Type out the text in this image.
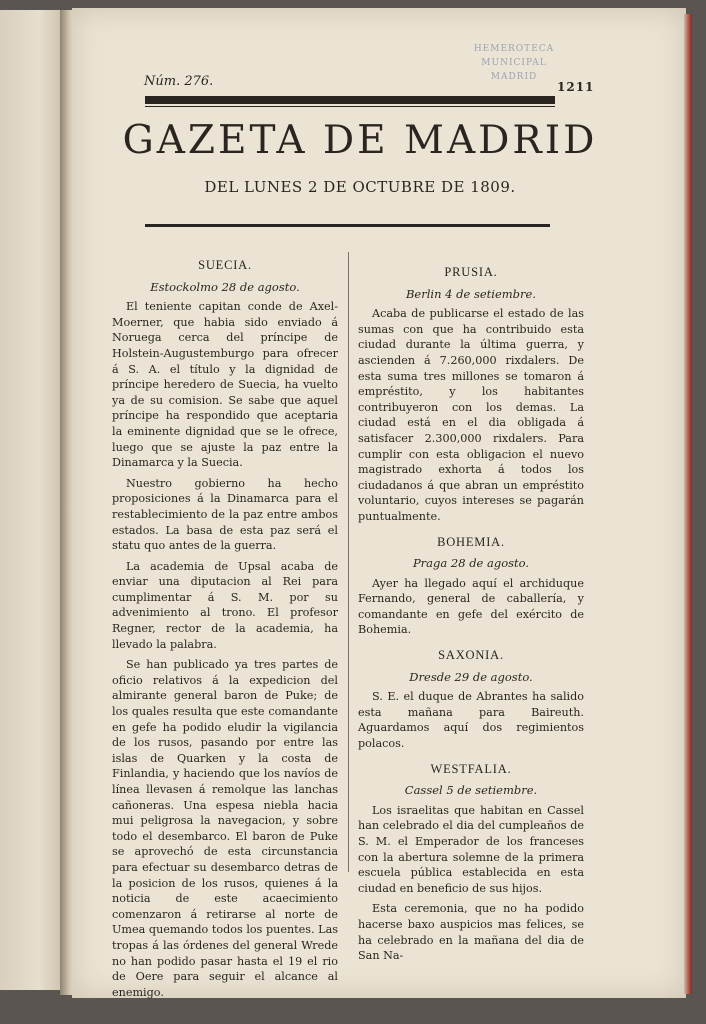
Núm. 276.	1211
HEMEROTECA
MUNICIPAL
MADRID
GAZETA DE MADRID
DEL LUNES 2 DE OCTUBRE DE 1809.
SUECIA.
Estockolmo 28 de agosto.

El teniente capitan conde de Axel-Moerner, que habia sido enviado á Noruega cerca del príncipe de Holstein-Augustemburgo para ofrecer á S. A. el título y la dignidad de príncipe heredero de Suecia, ha vuelto ya de su comision. Se sabe que aquel príncipe ha respondido que aceptaria la eminente dignidad que se le ofrece, luego que se ajuste la paz entre la Dinamarca y la Suecia.

Nuestro gobierno ha hecho proposiciones á la Dinamarca para el restablecimiento de la paz entre ambos estados. La basa de esta paz será el statu quo antes de la guerra.

La academia de Upsal acaba de enviar una diputacion al Rei para cumplimentar á S. M. por su advenimiento al trono. El profesor Regner, rector de la academia, ha llevado la palabra.

Se han publicado ya tres partes de oficio relativos á la expedicion del almirante general baron de Puke; de los quales resulta que este comandante en gefe ha podido eludir la vigilancia de los rusos, pasando por entre las islas de Quarken y la costa de Finlandia, y haciendo que los navíos de línea llevasen á remolque las lanchas cañoneras. Una espesa niebla hacia mui peligrosa la navegacion, y sobre todo el desembarco. El baron de Puke se aprovechó de esta circunstancia para efectuar su desembarco detras de la posicion de los rusos, quienes á la noticia de este acaecimiento comenzaron á retirarse al norte de Umea quemando todos los puentes. Las tropas á las órdenes del general Wrede no han podido pasar hasta el 19 el rio de Oere para seguir el alcance al enemigo.

PRUSIA.
Berlin 4 de setiembre.

Acaba de publicarse el estado de las sumas con que ha contribuido esta ciudad durante la última guerra, y ascienden á 7.260,000 rixdalers. De esta suma tres millones se tomaron á empréstito, y los habitantes contribuyeron con los demas. La ciudad está en el dia obligada á satisfacer 2.300,000 rixdalers. Para cumplir con esta obligacion el nuevo magistrado exhorta á todos los ciudadanos á que abran un empréstito voluntario, cuyos intereses se pagarán puntualmente.

BOHEMIA.
Praga 28 de agosto.

Ayer ha llegado aquí el archiduque Fernando, general de caballería, y comandante en gefe del exército de Bohemia.

SAXONIA.
Dresde 29 de agosto.

S. E. el duque de Abrantes ha salido esta mañana para Baireuth. Aguardamos aquí dos regimientos polacos.

WESTFALIA.
Cassel 5 de setiembre.

Los israelitas que habitan en Cassel han celebrado el dia del cumpleaños de S. M. el Emperador de los franceses con la abertura solemne de la primera escuela pública establecida en esta ciudad en beneficio de sus hijos.

Esta ceremonia, que no ha podido hacerse baxo auspicios mas felices, se ha celebrado en la mañana del dia de San Na-
